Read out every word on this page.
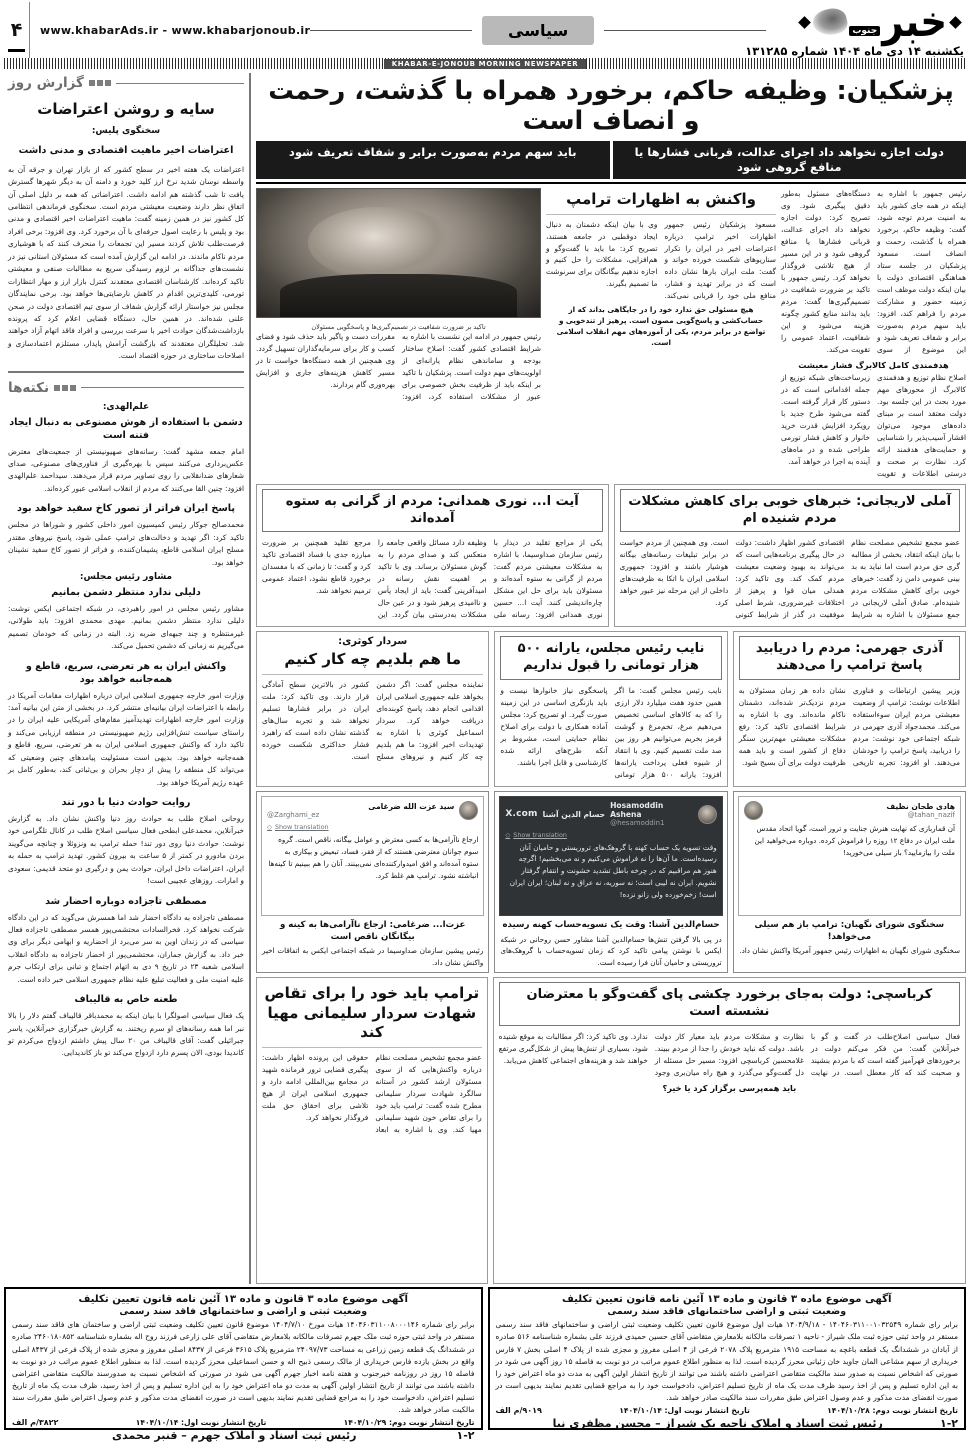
خبر
جنوب
یکشنبه ۱۴ دی ماه ۱۴۰۴ شماره ۱۳۱۲۸۵
سیاسی
www.khabarAds.ir - www.khabarjonoub.ir
۴
KHABAR-E-JONOUB MORNING NEWSPAPER
پزشکیان: وظیفه حاکم، برخورد همراه با گذشت، رحمت و انصاف است
دولت اجازه نخواهد داد اجرای عدالت، قربانی فشارها یا منافع گروهی شود
باید سهم مردم به‌صورت برابر و شفاف تعریف شود
رئیس جمهور با اشاره به اینکه در همه جای کشور باید به امنیت مردم توجه شود، گفت: وظیفه حاکم، برخورد همراه با گذشت، رحمت و انصاف است. مسعود پزشکیان در جلسه ستاد هماهنگی اقتصادی دولت با بیان اینکه دولت موظف است زمینه حضور و مشارکت مردم را فراهم کند، افزود: باید سهم مردم به‌صورت برابر و شفاف تعریف شود و این موضوع از سوی دستگاه‌های مسئول به‌طور دقیق پیگیری شود. وی تصریح کرد: دولت اجازه نخواهد داد اجرای عدالت، قربانی فشارها یا منافع گروهی شود و در این مسیر از هیچ تلاشی فروگذار نخواهد کرد. رئیس جمهور با تاکید بر ضرورت شفافیت در تصمیم‌گیری‌ها گفت: مردم باید بدانند منابع کشور چگونه هزینه می‌شود و این شفافیت، اعتماد عمومی را تقویت می‌کند.
هدفمندی کامل کالابرگ فشار معیشت
اصلاح نظام توزیع و هدفمندی کالابرگ از محورهای مهم مورد بحث در این جلسه بود. دولت معتقد است بر مبنای داده‌های موجود می‌توان اقشار آسیب‌پذیر را شناسایی و حمایت‌های هدفمند ارائه کرد. نظارت بر صحت و درستی اطلاعات و تقویت زیرساخت‌های شبکه توزیع از جمله اقداماتی است که در دستور کار قرار گرفته است. گفته می‌شود طرح جدید با رویکرد افزایش قدرت خرید خانوار و کاهش فشار تورمی طراحی شده و در ماه‌های آینده به اجرا در خواهد آمد.
واکنش به اظهارات ترامپ
مسعود پزشکیان رئیس جمهور اظهارات اخیر ترامپ درباره اعتراضات اخیر در ایران را تکرار سناریوهای شکست خورده خواند و گفت: ملت ایران بارها نشان داده است که در برابر تهدید و فشار، منافع ملی خود را قربانی نمی‌کند. وی با بیان اینکه دشمنان به دنبال ایجاد دوقطبی در جامعه هستند، تصریح کرد: ما باید با گفت‌وگو و هم‌افزایی، مشکلات را حل کنیم و اجازه ندهیم بیگانگان برای سرنوشت ما تصمیم بگیرند.
هیچ مسئولی حق ندارد خود را در جایگاهی بداند که از حساب‌کشی و پاسخ‌گویی مصون است. پرهیز از تندخویی و تواضع در برابر مردم، یکی از آموزه‌های مهم انقلاب اسلامی است.
تاکید بر ضرورت شفافیت در تصمیم‌گیری‌ها و پاسخگویی مسئولان
رئیس جمهور در ادامه این نشست با اشاره به شرایط اقتصادی کشور گفت: اصلاح ساختار بودجه و ساماندهی نظام یارانه‌ای از اولویت‌های مهم دولت است. پزشکیان با تاکید بر اینکه باید از ظرفیت بخش خصوصی برای عبور از مشکلات استفاده کرد، افزود: مقررات دست و پاگیر باید حذف شود و فضای کسب و کار برای سرمایه‌گذاران تسهیل گردد. وی همچنین از همه دستگاه‌ها خواست تا در مسیر کاهش هزینه‌های جاری و افزایش بهره‌وری گام بردارند.
آملی لاریجانی: خبرهای خوبی برای کاهش مشکلات مردم شنیده ام
عضو مجمع تشخیص مصلحت نظام با بیان اینکه انتقاد، بخشی از مطالبه گری حق مردم است اما نباید به بد بینی عمومی دامن زد گفت: خبرهای خوبی برای کاهش مشکلات مردم شنیده‌ام. صادق آملی لاریجانی در جمع مسئولان با اشاره به شرایط اقتصادی کشور اظهار داشت: دولت در حال پیگیری برنامه‌هایی است که می‌تواند به بهبود وضعیت معیشت مردم کمک کند. وی تاکید کرد: همدلی میان قوا و پرهیز از اختلافات غیرضروری، شرط اصلی موفقیت در گذر از شرایط کنونی است. وی همچنین از مردم خواست در برابر تبلیغات رسانه‌های بیگانه هوشیار باشند و افزود: جمهوری اسلامی ایران با اتکا به ظرفیت‌های داخلی از این مرحله نیز عبور خواهد کرد.
آیت ا... نوری همدانی: مردم از گرانی به ستوه آمده‌اند
یکی از مراجع تقلید در دیدار با رئیس سازمان صداوسیما، با اشاره به مشکلات معیشتی مردم گفت: مردم از گرانی به ستوه آمده‌اند و مسئولان باید برای حل این مشکل چاره‌اندیشی کنند. آیت ا... حسین نوری همدانی افزود: رسانه ملی وظیفه دارد مسائل واقعی جامعه را منعکس کند و صدای مردم را به گوش مسئولان برساند. وی با تاکید بر اهمیت نقش رسانه در امیدآفرینی گفت: باید از ایجاد یأس و ناامیدی پرهیز شود و در عین حال مشکلات به‌درستی بیان گردد. این مرجع تقلید همچنین بر ضرورت مبارزه جدی با فساد اقتصادی تاکید کرد و گفت: تا زمانی که با مفسدان برخورد قاطع نشود، اعتماد عمومی ترمیم نخواهد شد.
آذری جهرمی: مردم را دریابید پاسخ ترامپ را می‌دهند
وزیر پیشین ارتباطات و فناوری اطلاعات نوشت: ترامپ از وضعیت معیشتی مردم ایران سوءاستفاده می‌کند. محمدجواد آذری جهرمی در شبکه اجتماعی خود نوشت: مردم را دریابید، پاسخ ترامپ را خودشان می‌دهند. او افزود: تجربه تاریخی نشان داده هر زمان مسئولان به مردم نزدیک‌تر شده‌اند، دشمنان ناکام مانده‌اند. وی با اشاره به شرایط اقتصادی تاکید کرد: رفع مشکلات معیشتی مهم‌ترین سنگر دفاع از کشور است و باید همه ظرفیت دولت برای آن بسیج شود.
نایب رئیس مجلس، یارانه ۵۰۰ هزار تومانی را قبول نداریم
نایب رئیس مجلس گفت: ما اگر همین حدود هفت میلیارد دلار ارزی را که به کالاهای اساسی تخصیص می‌دهیم مرغ، تخم‌مرغ و گوشت قرمز بخریم می‌توانیم هر روز بین صد ملت تقسیم کنیم. وی با انتقاد از شیوه فعلی پرداخت یارانه‌ها افزود: یارانه ۵۰۰ هزار تومانی پاسخگوی نیاز خانوارها نیست و باید بازنگری اساسی در این زمینه صورت گیرد. او تصریح کرد: مجلس آماده همکاری با دولت برای اصلاح نظام حمایتی است، مشروط بر آنکه طرح‌های ارائه شده کارشناسی و قابل اجرا باشند.
سردار کوثری:
ما هم بلدیم چه کار کنیم
نماینده مجلس گفت: اگر دشمن بخواهد علیه جمهوری اسلامی ایران اقدامی انجام دهد، پاسخ کوبنده‌ای دریافت خواهد کرد. سردار اسماعیل کوثری با اشاره به تهدیدات اخیر افزود: ما هم بلدیم چه کار کنیم و نیروهای مسلح کشور در بالاترین سطح آمادگی قرار دارند. وی تاکید کرد: ملت ایران در برابر فشارها تسلیم نخواهد شد و تجربه سال‌های گذشته نشان داده است که راهبرد فشار حداکثری شکست خورده است.
هادی طحان نظیف
@tahan_nazif
آن قماربازی که نهایت هنرش جنایت و ترور است، گویا اتحاد مقدس ملت ایران در دفاع ۱۲ روزه را فراموش کرده. دوباره می‌خواهید این ملت را بیازمایید؟ باز سیلی می‌خورید!
سخنگوی شورای نگهبان: ترامپ باز هم سیلی می‌خواهد!
سخنگوی شورای نگهبان به اظهارات رئیس جمهور آمریکا واکنش نشان داد.
Hosamoddin Ashena
@hesamoddin1
حسام الدین آشنا
X.com
◇ Show translation
وقت تسویه یک حساب کهنه با گروهک‌های تروریستی و حامیان آنان رسیده‌است. ما آن‌ها را نه فراموش می‌کنیم و نه می‌بخشیم! اگرچه هنوز هم مراقبیم که در چرخه باطل تشدید خشونت و انتقام گرفتار نشویم. ایران نه لیبی است؛ نه سوریه، نه عراق و نه لبنان؛ ایران ایران است! زخم‌خورده ولی زانو نزده!
حسام‌الدین آشنا: وقت یک تسویه‌حساب کهنه رسیده
در پی بالا گرفتن تنش‌ها حسام‌الدین آشنا مشاور حسن روحانی در شبکه ایکس با نوشتن پیامی تاکید کرد که زمان تسویه‌حساب با گروهک‌های تروریستی و حامیان آنان فرا رسیده است.
سید عزت الله ضرغامی
@Zarghami_ez
◇ Show translation
ارجاع ناآرامی‌ها به کسی معترض و عوامل بیگانه، ناقص است. گروه سوم جوانان معترضی هستند که از فقر، فساد، تبعیض و بیکاری به ستوه آمده‌اند و افق امیدوارکننده‌ای نمی‌بینند. آنان را هم ببینیم تا کینه‌ها انباشته نشود. ترامپ هم غلط کرد.
عزت‌ا... ضرغامی: ارجاع ناآرامی‌ها به کینه و بیگانگان ناقص است
رئیس پیشین سازمان صداوسیما در شبکه اجتماعی ایکس به اتفاقات اخیر واکنش نشان داد.
کرباسچی: دولت به‌جای برخورد چکشی پای گفت‌وگو با معترضان نشسته است
فعال سیاسی اصلاح‌طلب در گفت و گو با خبرآنلاین گفت: من فکر می‌کنم دولت در برخوردهای قهرآمیز گفته است که با مردم بنشیند و صحبت کند که کار معطل است. در نهایت نظارت و مشکلات مردم باید معیار کار دولت باشد. دولت که نباید خودش را جدا از مردم ببیند. غلامحسین کرباسچی افزود: مسیر حل مسئله از دل گفت‌وگو می‌گذرد و هیچ راه میان‌بری وجود ندارد. وی تاکید کرد: اگر مطالبات به موقع شنیده شود، بسیاری از تنش‌ها پیش از شکل‌گیری مرتفع خواهند شد و هزینه‌های اجتماعی کاهش می‌یابد.
باید همه‌پرسی برگزار کرد یا خیر؟
ترامپ باید خود را برای تقاص شهادت سردار سلیمانی مهیا کند
عضو مجمع تشخیص مصلحت نظام درباره واکنش‌هایی که از سوی مسئولان ارشد کشور در آستانه سالگرد شهادت سردار سلیمانی مطرح شده گفت: ترامپ باید خود را برای تقاص خون شهید سلیمانی مهیا کند. وی با اشاره به ابعاد حقوقی این پرونده اظهار داشت: پیگیری قضایی ترور فرمانده شهید در مجامع بین‌المللی ادامه دارد و جمهوری اسلامی ایران از هیچ تلاشی برای احقاق حق ملت فروگذار نخواهد کرد.
گزارش روز
سایه و روشن اعتراضات
سخنگوی پلیس:
اعتراضات اخیر ماهیت اقتصادی و مدنی داشت
اعتراضات یک هفته اخیر در سطح کشور که از بازار تهران و جرقه آن به واسطه نوسان شدید نرخ ارز کلید خورد و دامنه آن به دیگر شهرها گسترش یافت تا شب گذشته هم ادامه داشت. اعتراضاتی که همه بر دلیل اصلی آن اتفاق نظر دارند وضعیت معیشتی مردم است. سخنگوی فرماندهی انتظامی کل کشور نیز در همین زمینه گفت: ماهیت اعتراضات اخیر اقتصادی و مدنی بود و پلیس با رعایت اصول حرفه‌ای با آن برخورد کرد. وی افزود: برخی افراد فرصت‌طلب تلاش کردند مسیر این تجمعات را منحرف کنند که با هوشیاری مردم ناکام ماندند. در ادامه این گزارش آمده است که مسئولان استانی نیز در نشست‌های جداگانه بر لزوم رسیدگی سریع به مطالبات صنفی و معیشتی تاکید کرده‌اند. کارشناسان اقتصادی معتقدند کنترل بازار ارز و مهار انتظارات تورمی، کلیدی‌ترین اقدام در کاهش نارضایتی‌ها خواهد بود. برخی نمایندگان مجلس نیز خواستار ارائه گزارش شفاف از سوی تیم اقتصادی دولت در صحن علنی شده‌اند. در همین حال، دستگاه قضایی اعلام کرد که پرونده بازداشت‌شدگان حوادث اخیر با سرعت بررسی و افراد فاقد اتهام آزاد خواهند شد. تحلیلگران معتقدند که بازگشت آرامش پایدار، مستلزم اعتمادسازی و اصلاحات ساختاری در حوزه اقتصاد است.
نکته‌ها
علم‌الهدی:
دشمن با استفاده از هوش مصنوعی به دنبال ایجاد فتنه است
امام جمعه مشهد گفت: رسانه‌های صهیونیستی از جمعیت‌های معترض عکس‌برداری می‌کنند سپس با بهره‌گیری از فناوری‌های مصنوعی، صدای شعارهای ضدانقلابی را روی تصاویر مردم قرار می‌دهند. سیداحمد علم‌الهدی افزود: چنین القا می‌کنند که مردم از انقلاب اسلامی عبور کرده‌اند.
پاسخ ایران فراتر از تصور کاخ سفید خواهد بود
محمدصالح جوکار رئیس کمیسیون امور داخلی کشور و شوراها در مجلس تاکید کرد: اگر تهدید و دخالت‌های ترامپ عملی شود، پاسخ نیروهای مقتدر مسلح ایران اسلامی قاطع، پشیمان‌کننده، و فراتر از تصور کاخ سفید نشینان خواهد بود.
مشاور رئیس مجلس:
دلیلی ندارد منتظر دشمن بمانیم
مشاور رئیس مجلس در امور راهبردی، در شبکه اجتماعی ایکس نوشت: دلیلی ندارد منتظر دشمن بمانیم. مهدی محمدی افزود: باید طولانی، غیرمنتظره و چند جبهه‌ای ضربه زد. البته در زمانی که خودمان تصمیم می‌گیریم نه زمانی که دشمن تحمیل می‌کند.
واکنش ایران به هر تعرضی، سریع، قاطع و همه‌جانبه خواهد بود
وزارت امور خارجه جمهوری اسلامی ایران درباره اظهارات مقامات آمریکا در رابطه با اعتراضات ایران بیانیه‌ای منتشر کرد. در بخشی از متن این بیانیه آمد: وزارت امور خارجه اظهارات تهدیدآمیز مقام‌های آمریکایی علیه ایران را در راستای سیاست تنش‌افزایی رژیم صهیونیستی در منطقه ارزیابی می‌کند و تاکید دارد که واکنش جمهوری اسلامی ایران به هر تعرضی، سریع، قاطع و همه‌جانبه خواهد بود. بدیهی است مسئولیت پیامدهای چنین وضعیتی که می‌تواند کل منطقه را پیش از دچار بحران و بی‌ثباتی کند، به‌طور کامل بر عهده رژیم آمریکا خواهد بود.
روایت حوادث دنیا با دور تند
روحانی اصلاح طلب به حوادث روز دنیا واکنش نشان داد. به گزارش خبرآنلاین، محمدعلی ابطحی فعال سیاسی اصلاح طلب در کانال تلگرامی خود نوشت: حوادث دنیا روی دور تند! حمله ترامپ به ونزوئلا و چنانچه می‌گویند بردن مادورو در کمتر از ۵ ساعت به بیرون کشور. تهدید ترامپ به حمله به ایران، اعتراضات داخل ایران، حوادث یمن و درگیری دو متحد قدیمی: سعودی و امارات. روزهای عجیبی است!
مصطفی تاجزاده دوباره احضار شد
مصطفی تاجزاده به دادگاه احضار شد اما همسرش می‌گوید که در این دادگاه شرکت نخواهد کرد. فخرالسادات محتشمی‌پور همسر مصطفی تاجزاده فعال سیاسی که در زندان اوین به سر می‌برد از احضاریه و ابهامی دیگر برای وی خبر داد. به گزارش جماران، محتشمی‌پور از احضار تاجزاده به دادگاه انقلاب اسلامی شعبه ۲۳ در تاریخ ۹ دی به اتهام اجتماع و تبانی برای ارتکاب جرم علیه امنیت ملی و فعالیت تبلیغ علیه نظام جمهوری اسلامی خبر داده است.
طعنه خاص به قالیباف
یک فعال سیاسی اصولگرا با بیان اینکه به محمدباقر قالیباف گفتم دلار را بالا نبر اما همه رسانه‌های او سرم ریختند. به گزارش خبرگزاری خبرآنلاین، یاسر جبرائیلی گفت: آقای قالیباف من ۲۰ سال پیش داشتم ازدواج می‌کردم تو کاندیدا بودی، الان پسرم دارد ازدواج می‌کند تو باز کاندیدایی.
آگهی موضوع ماده ۳ قانون و ماده ۱۳ آئین نامه قانون تعیین تکلیف
وضعیت ثبتی و اراضی ساختمانهای فاقد سند رسمی
برابر رای شماره ۱۴۰۴۶۰۳۱۱۰۰۱۰۳۲۵۴۹ - ۱۴۰۴/۹/۱۸ هیات اول موضوع قانون تعیین تکلیف وضعیت ثبتی اراضی و ساختمانهای فاقد سند رسمی مستقر در واحد ثبتی حوزه ثبت ملک شیراز - ناحیه ۱ تصرفات مالکانه بلامعارض متقاضی آقای حسین حمیدی فرزند علی بشماره شناسنامه ۵۱۶ صادره از آبادان در ششدانگ یک قطعه باغچه به مساحت ۱۹۱۵ مترمربع پلاک ۲۰۷۸ فرعی از ۴ اصلی مفروز و مجزی شده از پلاک ۴ اصلی بخش ۷ فارس خریداری از سهم مشاعی المان جاوید خان زئیانی محرز گردیده است. لذا به منظور اطلاع عموم مراتب در دو نوبت به فاصله ۱۵ روز آگهی می شود در صورتی که اشخاص نسبت به صدور سند مالکیت متقاضی اعتراضی داشته باشند می توانند از تاریخ انتشار اولین آگهی به مدت دو ماه اعتراض خود را به این اداره تسلیم و پس از اخذ رسید ظرف مدت یک ماه از تاریخ تسلیم اعتراض، دادخواست خود را به مراجع قضایی تقدیم نمایند بدیهی است در صورت انقضای مدت مذکور و عدم وصول اعتراض طبق مقررات سند مالکیت صادر خواهد شد.
تاریخ انتشار نوبت دوم: ۱۴۰۴/۱۰/۲۸
تاریخ انتشار نوبت اول: ۱۴۰۴/۱۰/۱۴
۹۰۱۹/م الف
۱-۲
رئیس ثبت اسناد و املاک ناحیه یک شیراز – محسن مظفری نیا
آگهی موضوع ماده ۳ قانون و ماده ۱۳ آئین نامه قانون تعیین تکلیف
وضعیت ثبتی و اراضی و ساختمانهای فاقد سند رسمی
برابر رای شماره ۱۴۰۴۶۰۳۱۱۰۰۸۰۰۰۱۴۶ هیات مورخ ۱۴۰۴/۷/۱۰ موضوع قانون تعیین تکلیف وضعیت ثبتی اراضی و ساختمان های فاقد سند رسمی مستقر در واحد ثبتی حوزه ثبت ملک جهرم تصرفات مالکانه بلامعارض متقاضی آقای علی زارعی فرزند روح اله بشماره شناسنامه ۲۴۶۰۱۸۰۸۵۲ صادره در ششدانگ یک قطعه زمین زراعی به مساحت ۲۴۰۹۷/۷۳ مترمربع پلاک ۳۶۱۵ فرعی از ۸۴۳۷ اصلی مفروز و مجزی شده از پلاک فرعی از ۸۴۳۷ اصلی واقع در بخش یازده فارس خریداری از مالک رسمی ذبیح اله و حسن اسماعیلی محرز گردیده است. لذا به منظور اطلاع عموم مراتب در دو نوبت به فاصله ۱۵ روز در روزنامه خبرجنوب و هفته نامه اخبار جهرم آگهی می شود در صورتی که اشخاص نسبت به صدورسند مالکیت متقاضی اعتراضی داشته باشند می توانند از تاریخ انتشار اولین آگهی به مدت دو ماه اعتراض خود را به این اداره تسلیم و پس از اخذ رسید، ظرف مدت یک ماه از تاریخ تسلیم اعتراض، دادخواست خود را به مراجع قضایی تقدیم نمایند بدیهی است در صورت انقضای مدت مذکور و عدم وصول اعتراض طبق مقررات سند مالکیت صادر خواهد شد.
تاریخ انتشار نوبت دوم: ۱۴۰۴/۱۰/۲۹
تاریخ انتشار نوبت اول: ۱۴۰۴/۱۰/۱۴
۳۸۲۲/م الف
۱-۲
رئیس ثبت اسناد و املاک جهرم – قنبر محمدی
